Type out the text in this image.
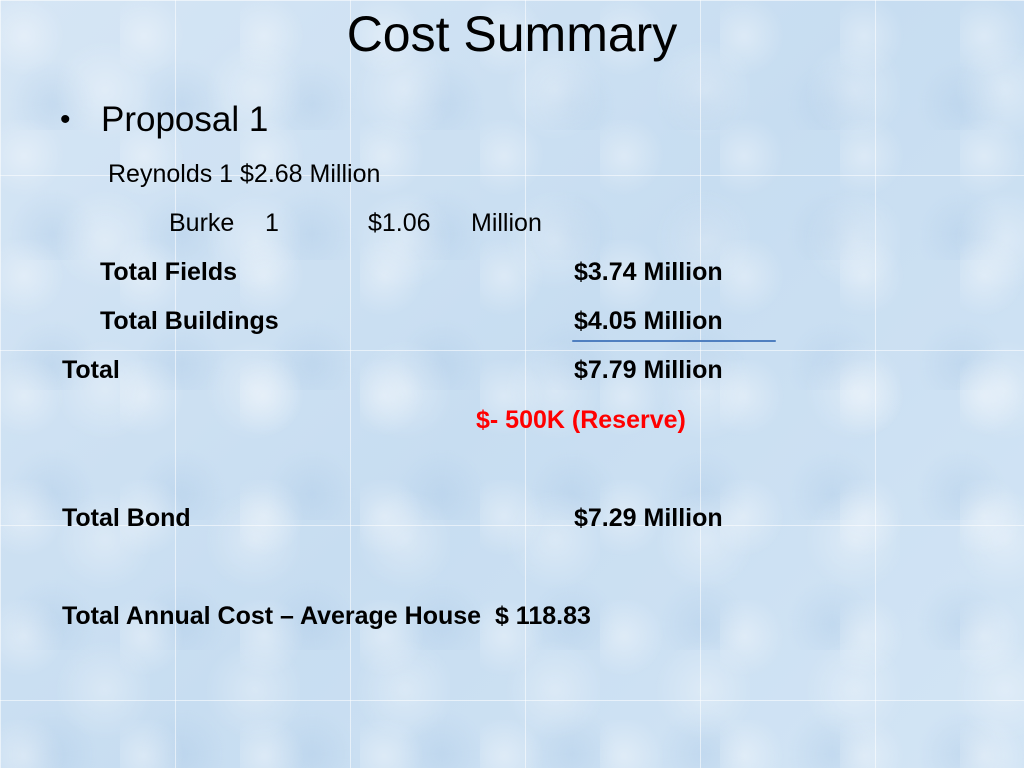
Cost Summary
• Proposal 1
Reynolds 1 $2.68 Million
Burke 1	$1.06 Million
Total Fields	$3.74 Million
Total Buildings	$4.05 Million
Total	$7.79 Million
$- 500K (Reserve)
Total Bond	$7.29 Million
Total Annual Cost – Average House  $ 118.83
